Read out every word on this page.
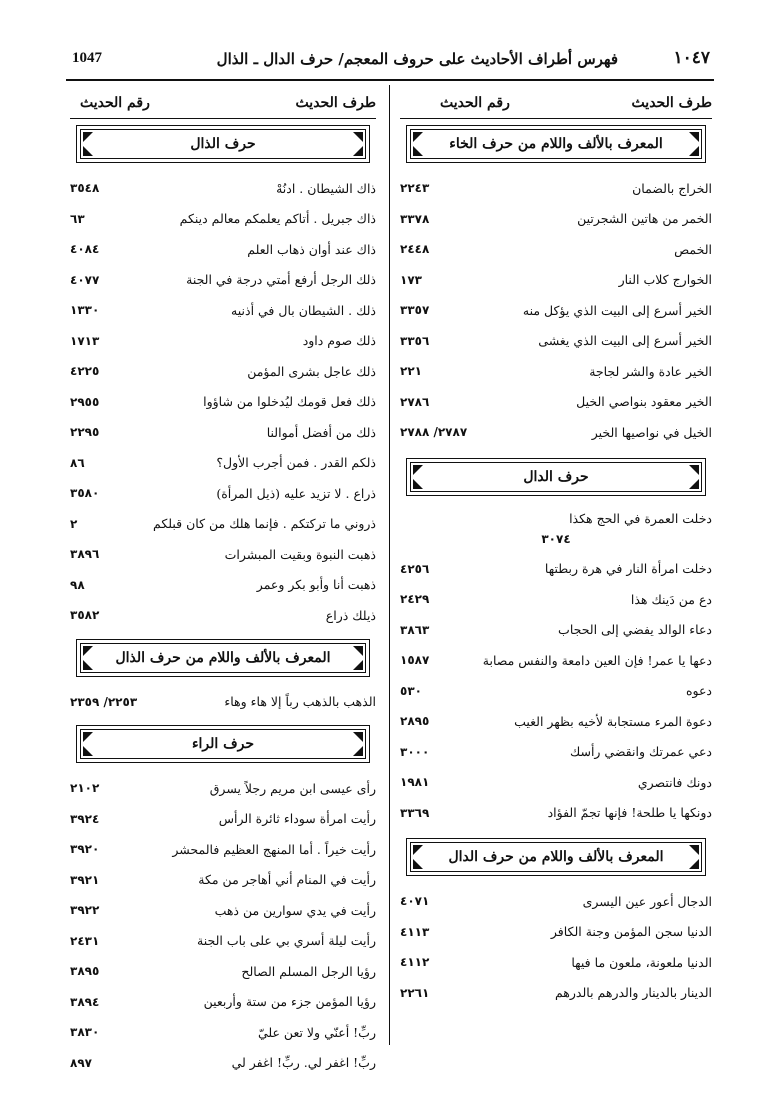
1047	فهرس أطراف الأحاديث على حروف المعجم/ حرف الدال ـ الذال	١٠٤٧
طرف الحديث
رقم الحديث
المعرف بالألف واللام من حرف الخاء
الخراج بالضمان
٢٢٤٣
الخمر من هاتين الشجرتين
٣٣٧٨
الخمص
٢٤٤٨
الخوارج كلاب النار
١٧٣
الخير أسرع إلى البيت الذي يؤكل منه
٣٣٥٧
الخير أسرع إلى البيت الذي يغشى
٣٣٥٦
الخير عادة والشر لجاجة
٢٢١
الخير معقود بنواصي الخيل
٢٧٨٦
الخيل في نواصيها الخير
٢٧٨٧/ ٢٧٨٨
حرف الدال
دخلت العمرة في الحج هكذا
٣٠٧٤
دخلت امرأة النار في هرة ربطتها
٤٢٥٦
دع من دَينك هذا
٢٤٢٩
دعاء الوالد يفضي إلى الحجاب
٣٨٦٣
دعها يا عمر! فإن العين دامعة والنفس مصابة
١٥٨٧
دعوه
٥٣٠
دعوة المرء مستجابة لأخيه بظهر الغيب
٢٨٩٥
دعي عمرتك وانقضي رأسك
٣٠٠٠
دونك فانتصري
١٩٨١
دونكها يا طلحة! فإنها تجمّ الفؤاد
٣٣٦٩
المعرف بالألف واللام من حرف الدال
الدجال أعور عين اليسرى
٤٠٧١
الدنيا سجن المؤمن وجنة الكافر
٤١١٣
الدنيا ملعونة، ملعون ما فيها
٤١١٢
الدينار بالدينار والدرهم بالدرهم
٢٢٦١
طرف الحديث
رقم الحديث
حرف الذال
ذاك الشيطان . ادنُهْ
٣٥٤٨
ذاك جبريل . أتاكم يعلمكم معالم دينكم
٦٣
ذاك عند أوان ذهاب العلم
٤٠٨٤
ذلك الرجل أرفع أمتي درجة في الجنة
٤٠٧٧
ذلك . الشيطان بال في أذنيه
١٣٣٠
ذلك صوم داود
١٧١٣
ذلك عاجل بشرى المؤمن
٤٢٢٥
ذلك فعل قومك ليُدخلوا من شاؤوا
٢٩٥٥
ذلك من أفضل أموالنا
٢٢٩٥
ذلكم القدر . فمن أجرب الأول؟
٨٦
ذراع . لا تزيد عليه (ذيل المرأة)
٣٥٨٠
ذروني ما تركتكم . فإنما هلك من كان قبلكم
٢
ذهبت النبوة وبقيت المبشرات
٣٨٩٦
ذهبت أنا وأبو بكر وعمر
٩٨
ذيلك ذراع
٣٥٨٢
المعرف بالألف واللام من حرف الذال
الذهب بالذهب رباً إلا هاء وهاء
٢٢٥٣/ ٢٣٥٩
حرف الراء
رأى عيسى ابن مريم رجلاً يسرق
٢١٠٢
رأيت امرأة سوداء ثائرة الرأس
٣٩٢٤
رأيت خيراً . أما المنهج العظيم فالمحشر
٣٩٢٠
رأيت في المنام أني أهاجر من مكة
٣٩٢١
رأيت في يدي سوارين من ذهب
٣٩٢٢
رأيت ليلة أسري بي على باب الجنة
٢٤٣١
رؤيا الرجل المسلم الصالح
٣٨٩٥
رؤيا المؤمن جزء من ستة وأربعين
٣٨٩٤
ربِّ! أعنّي ولا تعن عليّ
٣٨٣٠
ربِّ! اغفر لي. ربِّ! اغفر لي
٨٩٧
